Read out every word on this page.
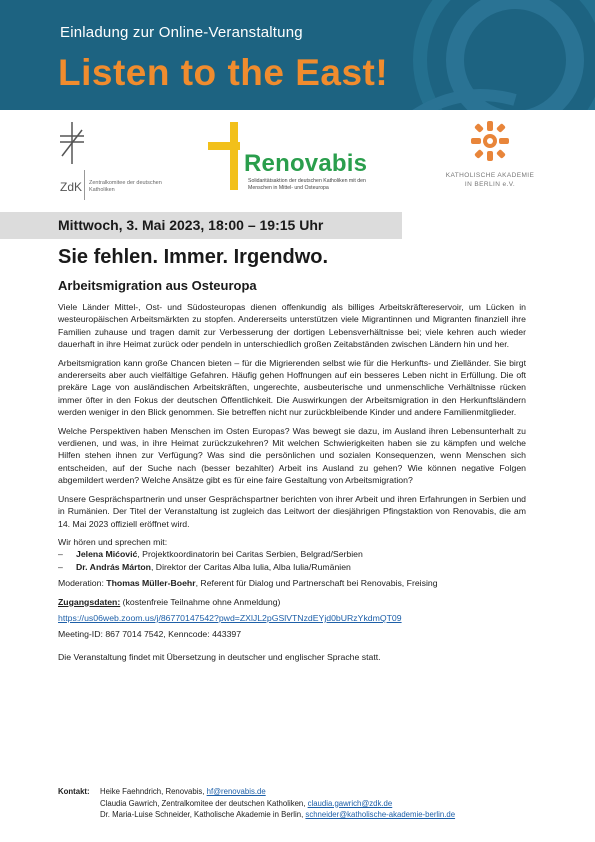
Einladung zur Online-Veranstaltung
Listen to the East!
ZdK Zentralkomitee der deutschen Katholiken
Renovabis
Solidaritätsaktion der deutschen Katholiken mit den Menschen in Mittel- und Osteuropa
KATHOLISCHE AKADEMIE
IN BERLIN e.V.
Mittwoch, 3. Mai 2023, 18:00 – 19:15 Uhr
Sie fehlen. Immer. Irgendwo.
Arbeitsmigration aus Osteuropa

Viele Länder Mittel-, Ost- und Südosteuropas dienen offenkundig als billiges Arbeitskräftereservoir, um Lücken in westeuropäischen Arbeitsmärkten zu stopfen. Andererseits unterstützen viele Migrantinnen und Migranten finanziell ihre Familien zuhause und tragen damit zur Verbesserung der dortigen Lebensverhältnisse bei; viele kehren auch wieder dauerhaft in ihre Heimat zurück oder pendeln in unterschiedlich großen Zeitabständen zwischen Ländern hin und her.

Arbeitsmigration kann große Chancen bieten – für die Migrierenden selbst wie für die Herkunfts- und Zielländer. Sie birgt andererseits aber auch vielfältige Gefahren. Häufig gehen Hoffnungen auf ein besseres Leben nicht in Erfüllung. Die oft prekäre Lage von ausländischen Arbeitskräften, ungerechte, ausbeuterische und unmenschliche Verhältnisse rücken immer öfter in den Fokus der deutschen Öffentlichkeit. Die Auswirkungen der Arbeitsmigration in den Herkunftsländern werden weniger in den Blick genommen. Sie betreffen nicht nur zurückbleibende Kinder und andere Familienmitglieder.

Welche Perspektiven haben Menschen im Osten Europas? Was bewegt sie dazu, im Ausland ihren Lebensunterhalt zu verdienen, und was, in ihre Heimat zurückzukehren? Mit welchen Schwierigkeiten haben sie zu kämpfen und welche Hilfen stehen ihnen zur Verfügung? Was sind die persönlichen und sozialen Konsequenzen, wenn Menschen sich entscheiden, auf der Suche nach (besser bezahlter) Arbeit ins Ausland zu gehen? Wie können negative Folgen abgemildert werden? Welche Ansätze gibt es für eine faire Gestaltung von Arbeitsmigration?

Unsere Gesprächspartnerin und unser Gesprächspartner berichten von ihrer Arbeit und ihren Erfahrungen in Serbien und in Rumänien. Der Titel der Veranstaltung ist zugleich das Leitwort der diesjährigen Pfingstaktion von Renovabis, die am 14. Mai 2023 offiziell eröffnet wird.

Wir hören und sprechen mit:
–	Jelena Mićović, Projektkoordinatorin bei Caritas Serbien, Belgrad/Serbien
–	Dr. András Márton, Direktor der Caritas Alba Iulia, Alba Iulia/Rumänien
Moderation: Thomas Müller-Boehr, Referent für Dialog und Partnerschaft bei Renovabis, Freising
Zugangsdaten: (kostenfreie Teilnahme ohne Anmeldung)
https://us06web.zoom.us/j/86770147542?pwd=ZXlJL2pGSlVTNzdEYjd0bURzYkdmQT09
Meeting-ID: 867 7014 7542, Kenncode: 443397
Die Veranstaltung findet mit Übersetzung in deutscher und englischer Sprache statt.
Kontakt: Heike Faehndrich, Renovabis, hf@renovabis.de
Claudia Gawrich, Zentralkomitee der deutschen Katholiken, claudia.gawrich@zdk.de
Dr. Maria-Luise Schneider, Katholische Akademie in Berlin, schneider@katholische-akademie-berlin.de
